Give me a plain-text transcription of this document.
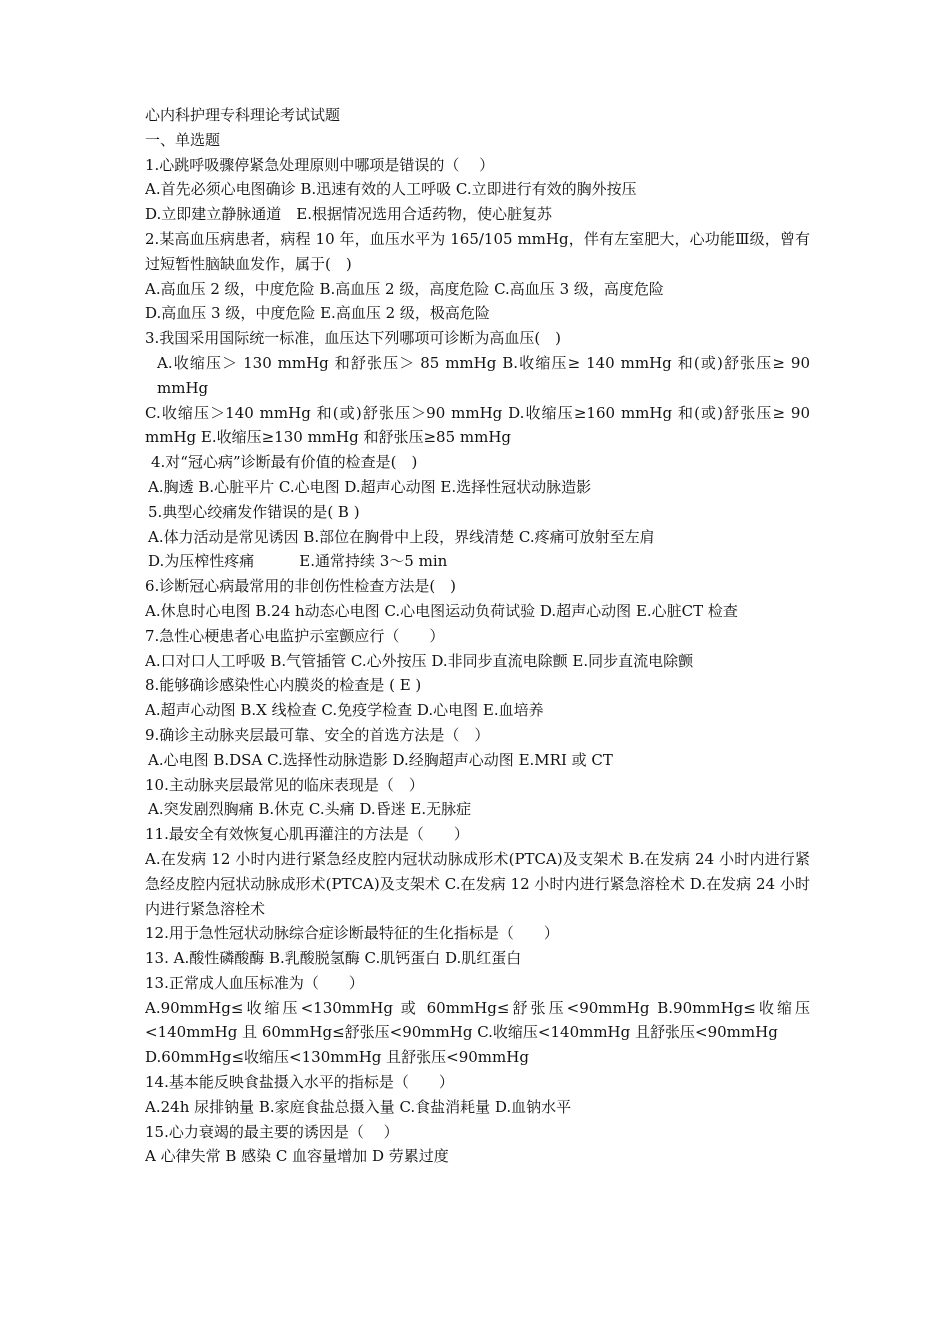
心内科护理专科理论考试试题
一、单选题
1.心跳呼吸骤停紧急处理原则中哪项是错误的（　 ）
A.首先必须心电图确诊 B.迅速有效的人工呼吸 C.立即进行有效的胸外按压
D.立即建立静脉通道　E.根据情况选用合适药物，使心脏复苏
2.某高血压病患者，病程 10 年，血压水平为 165/105 mmHg，伴有左室肥大，心功能Ⅲ级，曾有过短暂性脑缺血发作，属于(　)
A.高血压 2 级，中度危险 B.高血压 2 级，高度危险 C.高血压 3 级，高度危险
D.高血压 3 级，中度危险 E.高血压 2 级，极高危险
3.我国采用国际统一标准，血压达下列哪项可诊断为高血压(　)
A.收缩压＞ 130 mmHg 和舒张压＞ 85 mmHg B.收缩压≥ 140 mmHg 和(或)舒张压≥ 90 mmHg
C.收缩压＞140 mmHg 和(或)舒张压＞90 mmHg D.收缩压≥160 mmHg 和(或)舒张压≥ 90 mmHg E.收缩压≥130 mmHg 和舒张压≥85 mmHg
4.对“冠心病”诊断最有价值的检查是(　)
A.胸透 B.心脏平片 C.心电图 D.超声心动图 E.选择性冠状动脉造影
5.典型心绞痛发作错误的是( B )
A.体力活动是常见诱因 B.部位在胸骨中上段，界线清楚 C.疼痛可放射至左肩
D.为压榨性疼痛　　　E.通常持续 3～5 min
6.诊断冠心病最常用的非创伤性检查方法是(　)
A.休息时心电图 B.24 h动态心电图 C.心电图运动负荷试验 D.超声心动图 E.心脏CT 检查
7.急性心梗患者心电监护示室颤应行（　　）
A.口对口人工呼吸 B.气管插管 C.心外按压 D.非同步直流电除颤 E.同步直流电除颤
8.能够确诊感染性心内膜炎的检查是 ( E )
A.超声心动图 B.X 线检查 C.免疫学检查 D.心电图 E.血培养
9.确诊主动脉夹层最可靠、安全的首选方法是（　）
A.心电图 B.DSA C.选择性动脉造影 D.经胸超声心动图 E.MRI 或 CT
10.主动脉夹层最常见的临床表现是（　）
A.突发剧烈胸痛 B.休克 C.头痛 D.昏迷 E.无脉症
11.最安全有效恢复心肌再灌注的方法是（　　）
A.在发病 12 小时内进行紧急经皮腔内冠状动脉成形术(PTCA)及支架术 B.在发病 24 小时内进行紧急经皮腔内冠状动脉成形术(PTCA)及支架术 C.在发病 12 小时内进行紧急溶栓术 D.在发病 24 小时内进行紧急溶栓术
12.用于急性冠状动脉综合症诊断最特征的生化指标是（　　）
13. A.酸性磷酸酶 B.乳酸脱氢酶 C.肌钙蛋白 D.肌红蛋白
13.正常成人血压标准为（　　）
A.90mmHg≤收缩压<130mmHg 或 60mmHg≤舒张压<90mmHg B.90mmHg≤收缩压<140mmHg 且 60mmHg≤舒张压<90mmHg C.收缩压<140mmHg 且舒张压<90mmHg
D.60mmHg≤收缩压<130mmHg 且舒张压<90mmHg
14.基本能反映食盐摄入水平的指标是（　　）
A.24h 尿排钠量 B.家庭食盐总摄入量 C.食盐消耗量 D.血钠水平
15.心力衰竭的最主要的诱因是（　 ）
A 心律失常 B 感染 C 血容量增加 D 劳累过度
